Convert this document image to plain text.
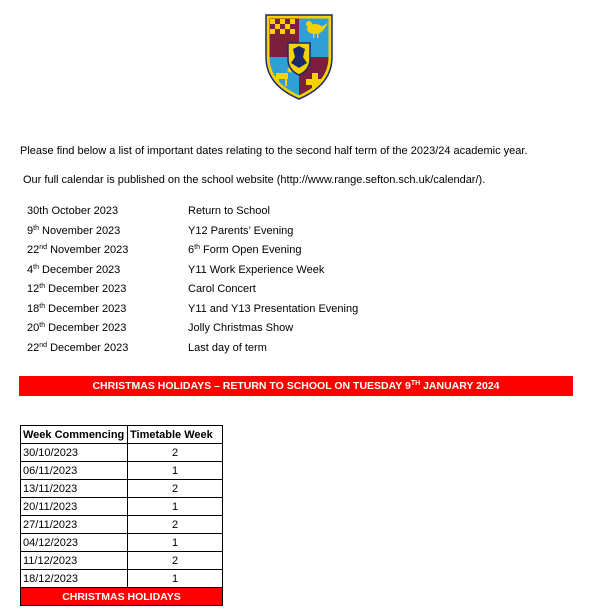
Please find below a list of important dates relating to the second half term of the 2023/24 academic year.
Our full calendar is published on the school website (http://www.range.sefton.sch.uk/calendar/).
30th October 2023	Return to School
9th November 2023	Y12 Parents’ Evening
22nd November 2023	6th Form Open Evening
4th December 2023	Y11 Work Experience Week
12th December 2023	Carol Concert
18th December 2023	Y11 and Y13 Presentation Evening
20th December 2023	Jolly Christmas Show
22nd December 2023	Last day of term
CHRISTMAS HOLIDAYS – RETURN TO SCHOOL ON TUESDAY 9TH JANUARY 2024
Week Commencing	Timetable Week
30/10/2023	2
06/11/2023	1
13/11/2023	2
20/11/2023	1
27/11/2023	2
04/12/2023	1
11/12/2023	2
18/12/2023	1
CHRISTMAS HOLIDAYS	
